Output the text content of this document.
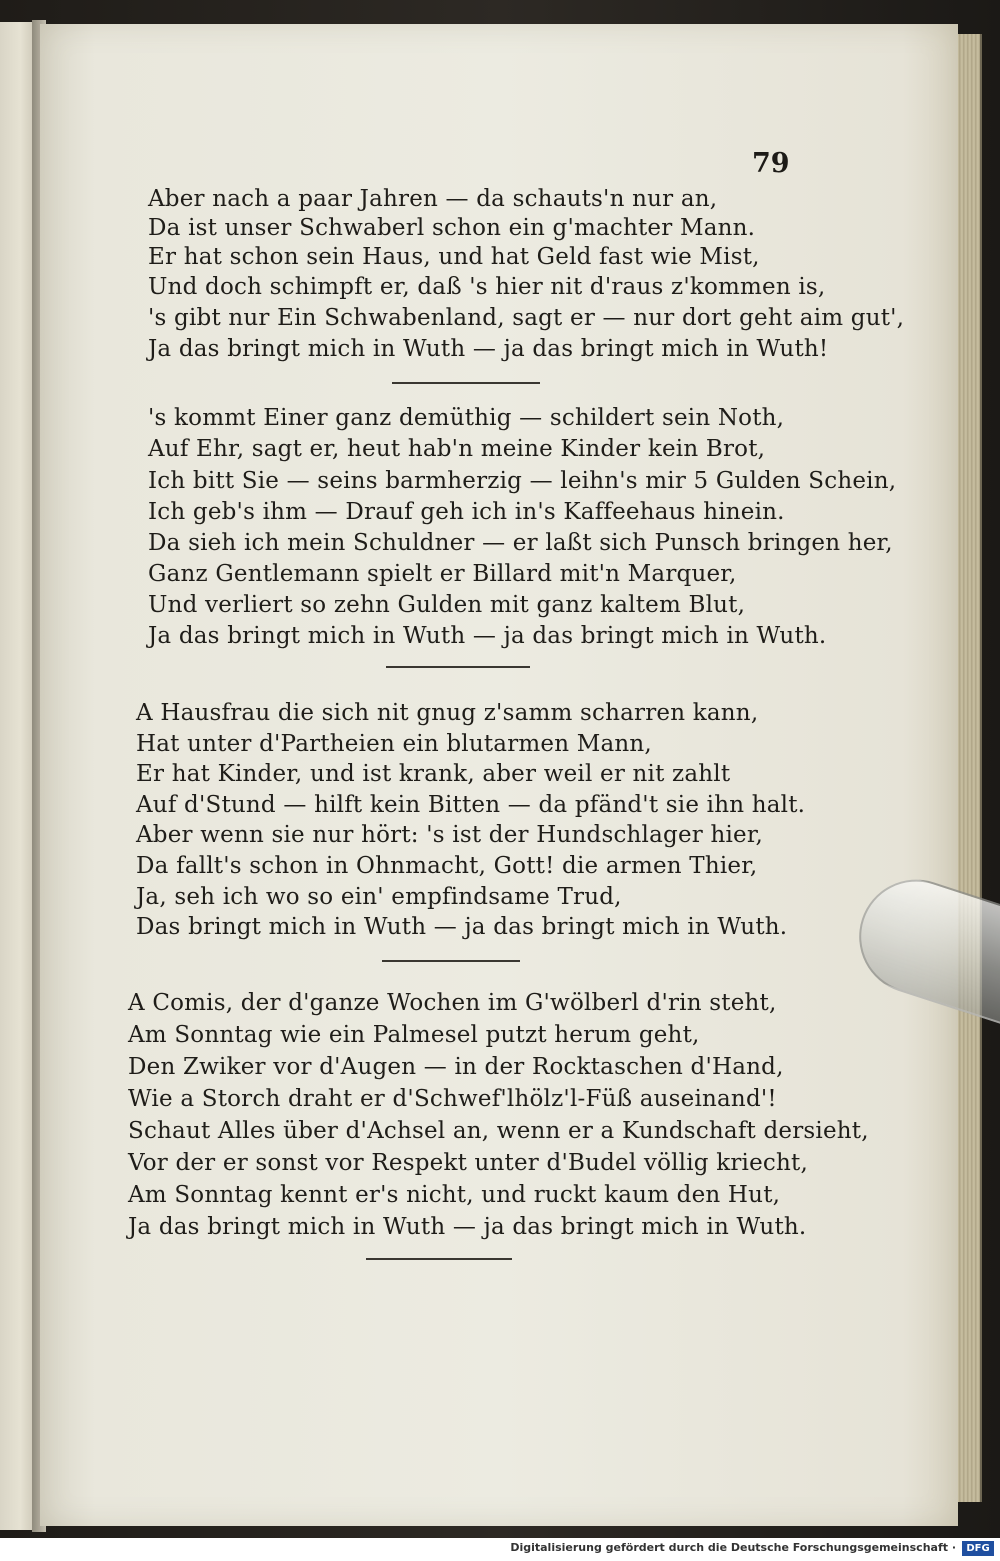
79
Aber nach a paar Jahren — da schauts'n nur an,
Da ist unser Schwaberl schon ein g'machter Mann.
Er hat schon sein Haus, und hat Geld fast wie Mist,
Und doch schimpft er, daß 's hier nit d'raus z'kommen is,
's gibt nur Ein Schwabenland, sagt er — nur dort geht aim gut',
Ja das bringt mich in Wuth — ja das bringt mich in Wuth!
's kommt Einer ganz demüthig — schildert sein Noth,
Auf Ehr, sagt er, heut hab'n meine Kinder kein Brot,
Ich bitt Sie — seins barmherzig — leihn's mir 5 Gulden Schein,
Ich geb's ihm — Drauf geh ich in's Kaffeehaus hinein.
Da sieh ich mein Schuldner — er laßt sich Punsch bringen her,
Ganz Gentlemann spielt er Billard mit'n Marquer,
Und verliert so zehn Gulden mit ganz kaltem Blut,
Ja das bringt mich in Wuth — ja das bringt mich in Wuth.
A Hausfrau die sich nit gnug z'samm scharren kann,
Hat unter d'Partheien ein blutarmen Mann,
Er hat Kinder, und ist krank, aber weil er nit zahlt
Auf d'Stund — hilft kein Bitten — da pfänd't sie ihn halt.
Aber wenn sie nur hört: 's ist der Hundschlager hier,
Da fallt's schon in Ohnmacht, Gott! die armen Thier,
Ja, seh ich wo so ein' empfindsame Trud,
Das bringt mich in Wuth — ja das bringt mich in Wuth.
A Comis, der d'ganze Wochen im G'wölberl d'rin steht,
Am Sonntag wie ein Palmesel putzt herum geht,
Den Zwiker vor d'Augen — in der Rocktaschen d'Hand,
Wie a Storch draht er d'Schwef'lhölz'l-Füß auseinand'!
Schaut Alles über d'Achsel an, wenn er a Kundschaft dersieht,
Vor der er sonst vor Respekt unter d'Budel völlig kriecht,
Am Sonntag kennt er's nicht, und ruckt kaum den Hut,
Ja das bringt mich in Wuth — ja das bringt mich in Wuth.
Digitalisierung gefördert durch die Deutsche Forschungsgemeinschaft ·	DFG
